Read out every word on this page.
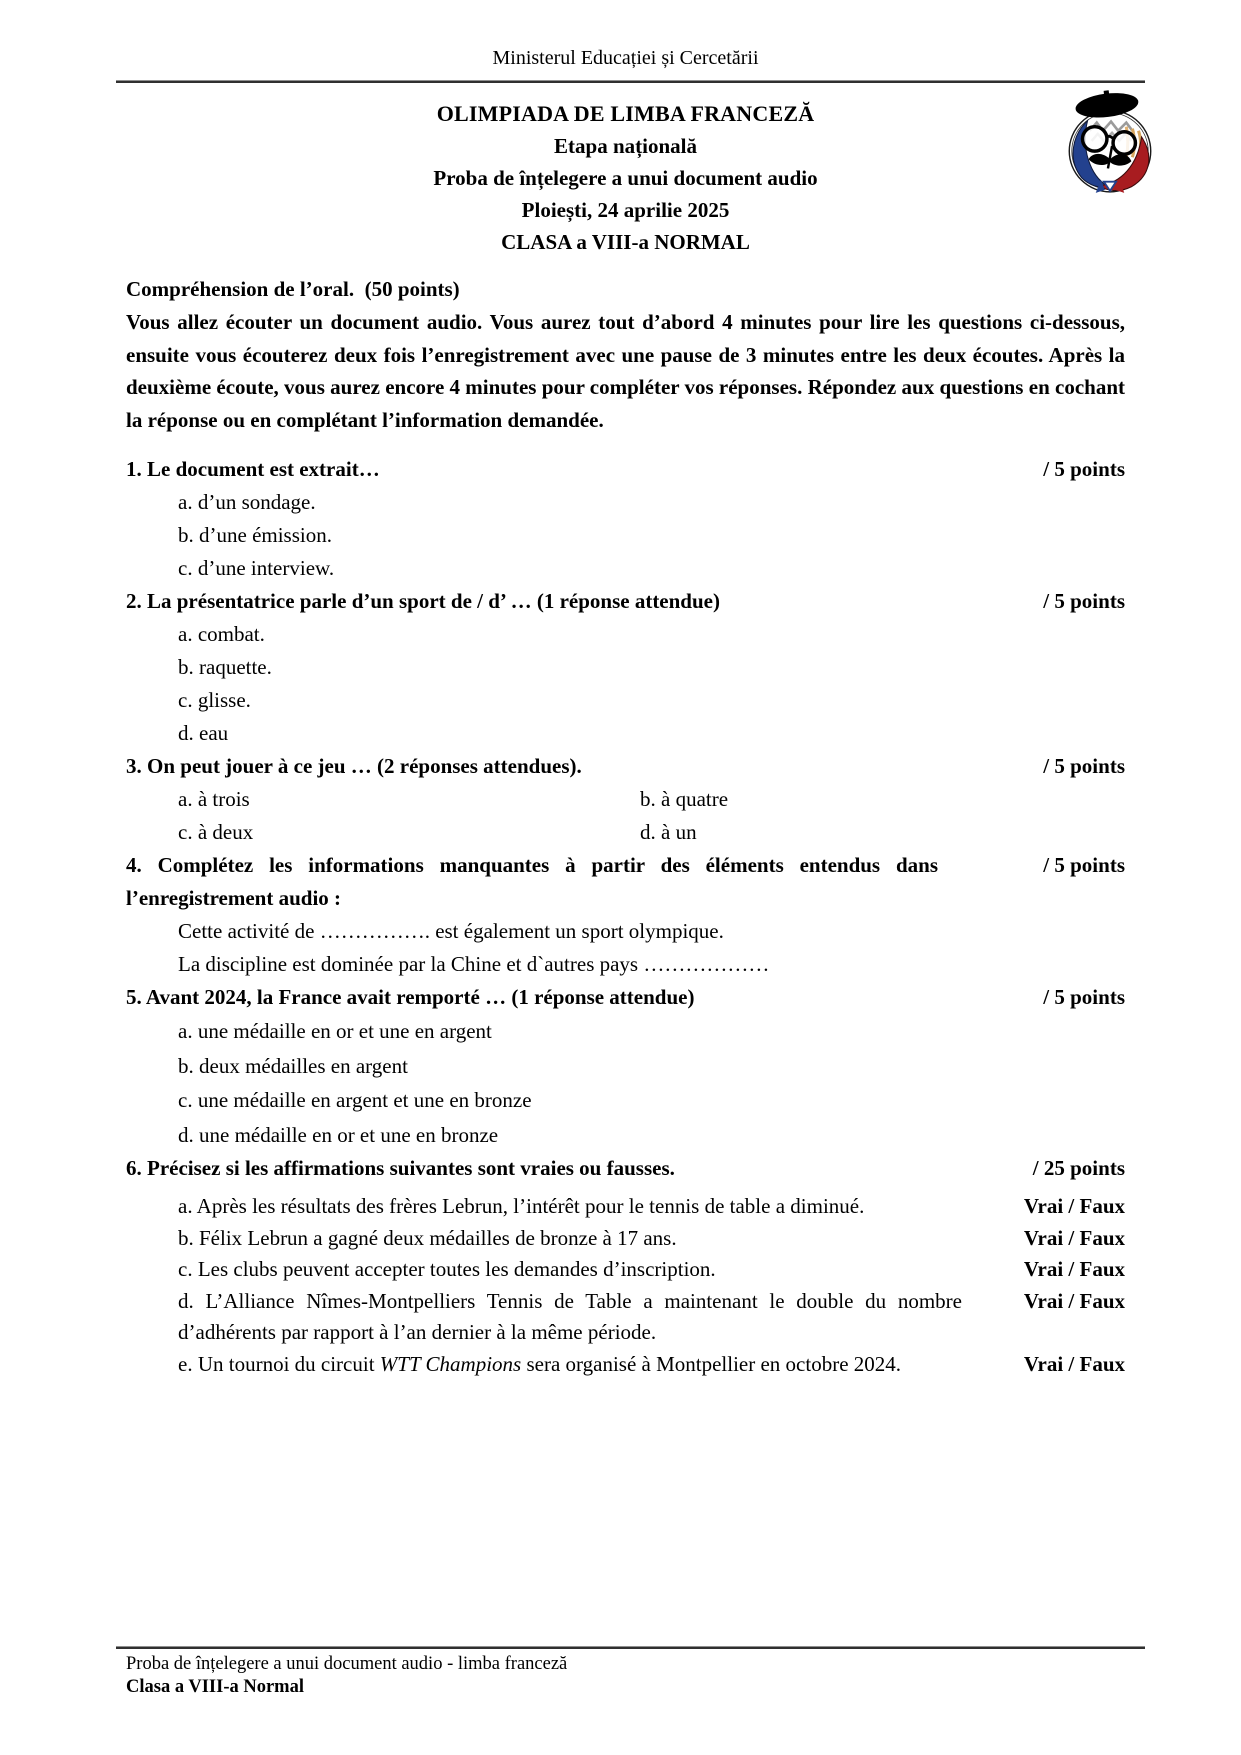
Ministerul Educației și Cercetării
OLIMPIADA DE LIMBA FRANCEZĂ
Etapa națională
Proba de înțelegere a unui document audio
Ploiești, 24 aprilie 2025
CLASA a VIII-a NORMAL
Compréhension de l’oral.  (50 points)
Vous allez écouter un document audio. Vous aurez tout d’abord 4 minutes pour lire les questions ci-dessous, ensuite vous écouterez deux fois l’enregistrement avec une pause de 3 minutes entre les deux écoutes. Après la deuxième écoute, vous aurez encore 4 minutes pour compléter vos réponses. Répondez aux questions en cochant la réponse ou en complétant l’information demandée.
1. Le document est extrait…	/ 5 points
a. d’un sondage.
b. d’une émission.
c. d’une interview.
2. La présentatrice parle d’un sport de / d’ … (1 réponse attendue)	/ 5 points
a. combat.
b. raquette.
c. glisse.
d. eau
3. On peut jouer à ce jeu … (2 réponses attendues).	/ 5 points
a. à trois	b. à quatre
c. à deux	d. à un
4. Complétez les informations manquantes à partir des éléments entendus dans l’enregistrement audio :
/ 5 points
Cette activité de ……………. est également un sport olympique.
La discipline est dominée par la Chine et d`autres pays ………………
5. Avant 2024, la France avait remporté … (1 réponse attendue)	/ 5 points
a. une médaille en or et une en argent
b. deux médailles en argent
c. une médaille en argent et une en bronze
d. une médaille en or et une en bronze
6. Précisez si les affirmations suivantes sont vraies ou fausses.	/ 25 points
a. Après les résultats des frères Lebrun, l’intérêt pour le tennis de table a diminué.	Vrai / Faux
b. Félix Lebrun a gagné deux médailles de bronze à 17 ans.	Vrai / Faux
c. Les clubs peuvent accepter toutes les demandes d’inscription.	Vrai / Faux
d. L’Alliance Nîmes-Montpelliers Tennis de Table a maintenant le double du nombre d’adhérents par rapport à l’an dernier à la même période.
Vrai / Faux
e. Un tournoi du circuit WTT Champions sera organisé à Montpellier en octobre 2024.	Vrai / Faux
Proba de înțelegere a unui document audio - limba franceză
Clasa a VIII-a Normal
